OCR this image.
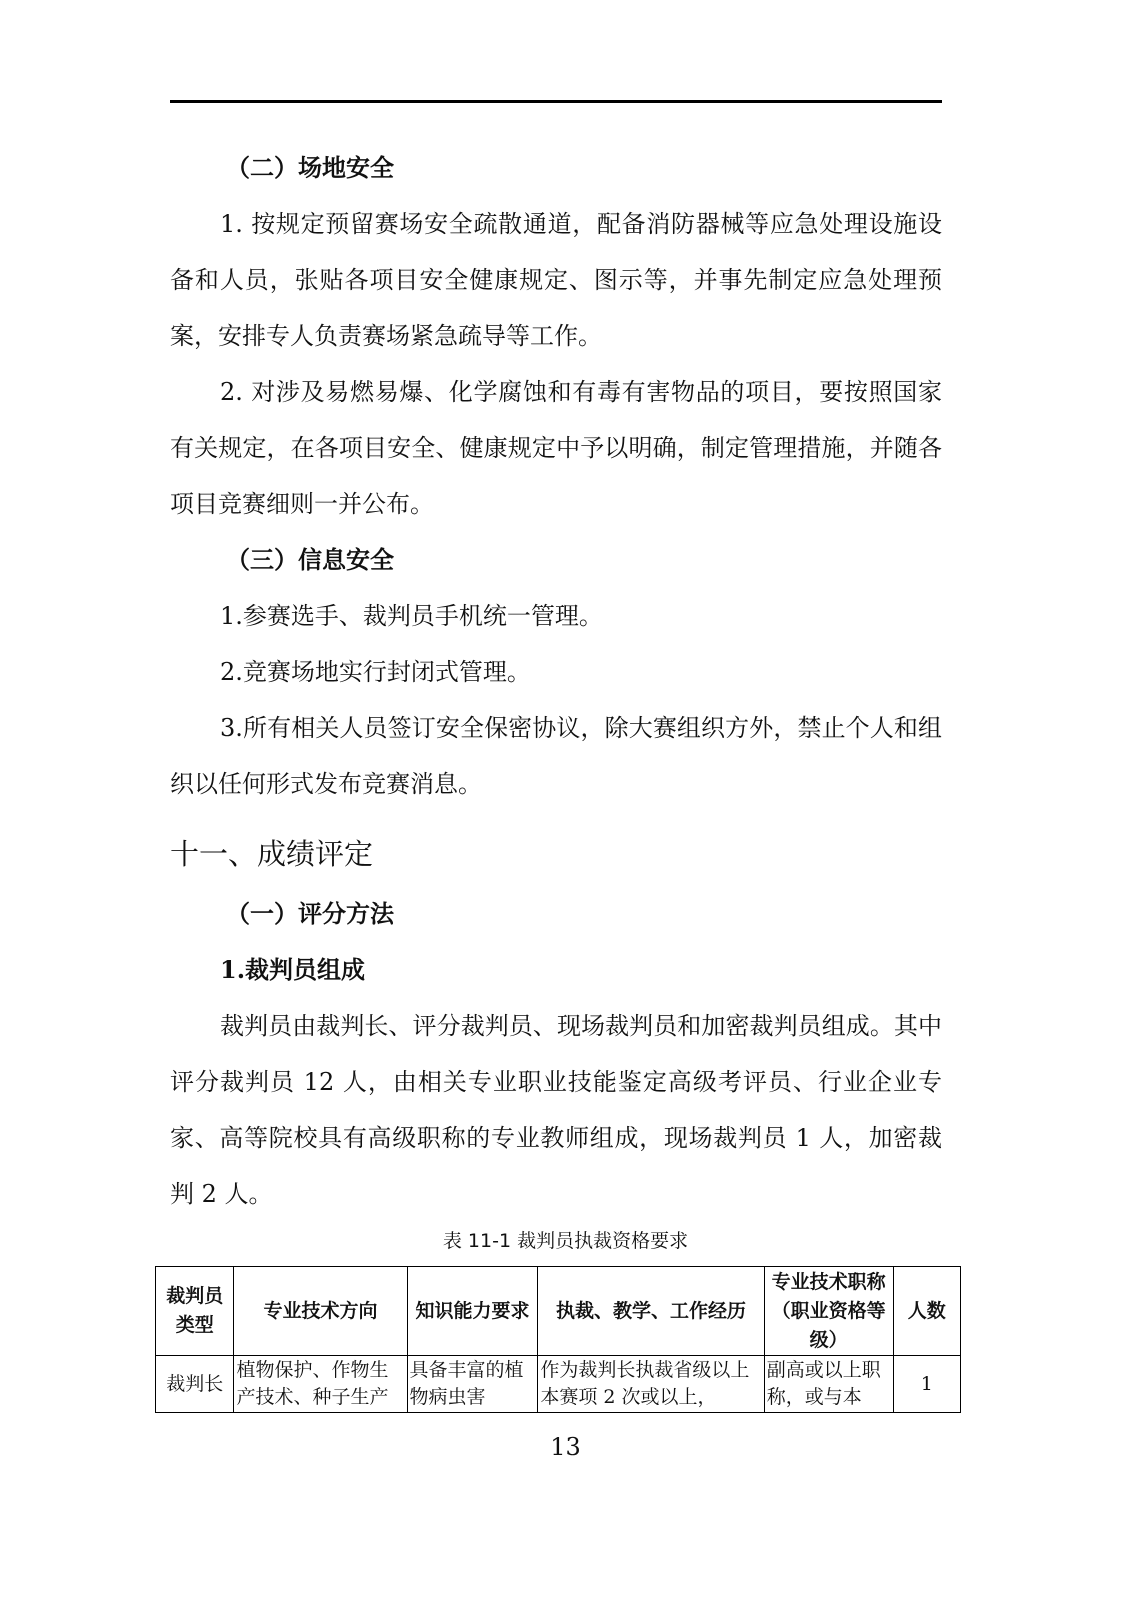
（二）场地安全

1. 按规定预留赛场安全疏散通道，配备消防器械等应急处理设施设备和人员，张贴各项目安全健康规定、图示等，并事先制定应急处理预案，安排专人负责赛场紧急疏导等工作。

2. 对涉及易燃易爆、化学腐蚀和有毒有害物品的项目，要按照国家有关规定，在各项目安全、健康规定中予以明确，制定管理措施，并随各项目竞赛细则一并公布。

（三）信息安全

1.参赛选手、裁判员手机统一管理。

2.竞赛场地实行封闭式管理。

3.所有相关人员签订安全保密协议，除大赛组织方外，禁止个人和组织以任何形式发布竞赛消息。

十一、成绩评定
（一）评分方法
1.裁判员组成

裁判员由裁判长、评分裁判员、现场裁判员和加密裁判员组成。其中评分裁判员 12 人，由相关专业职业技能鉴定高级考评员、行业企业专家、高等院校具有高级职称的专业教师组成，现场裁判员 1 人，加密裁判 2 人。

表 11-1 裁判员执裁资格要求
裁判员类型	专业技术方向	知识能力要求	执裁、教学、工作经历	专业技术职称（职业资格等级）	人数
裁判长	植物保护、作物生产技术、种子生产	具备丰富的植物病虫害	作为裁判长执裁省级以上本赛项 2 次或以上，	副高或以上职称，或与本	1
13
